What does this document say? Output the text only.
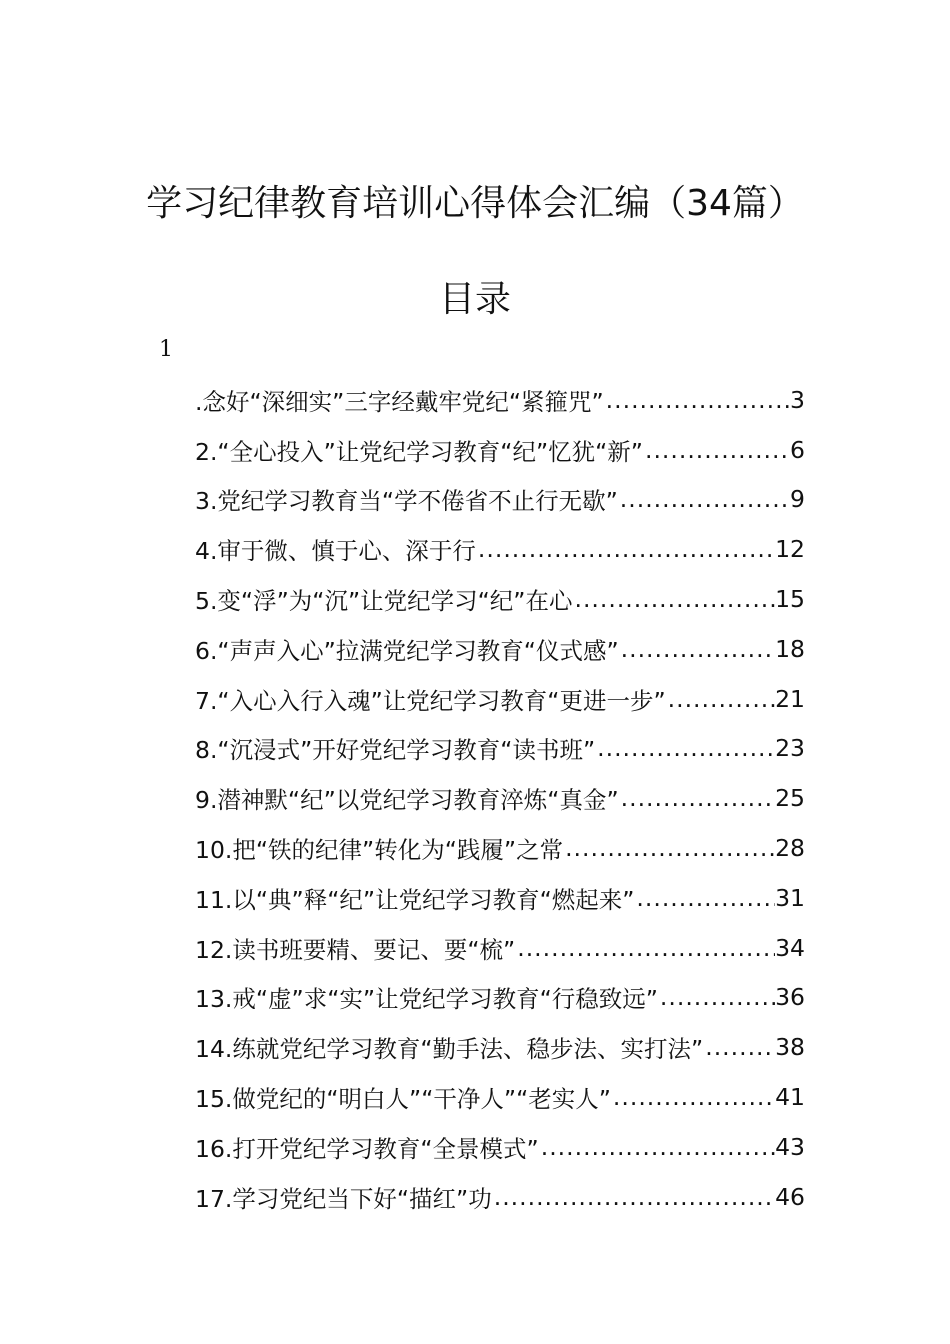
学习纪律教育培训心得体会汇编（34篇）
目录
1
.念好“深细实”三字经戴牢党纪“紧箍咒” .....	3
2.“全心投入”让党纪学习教育“纪”忆犹“新” .....	6
3.党纪学习教育当“学不倦省不止行无歇” .....	9
4.审于微、慎于心、深于行 .....	12
5.变“浮”为“沉”让党纪学习“纪”在心 .....	15
6.“声声入心”拉满党纪学习教育“仪式感” .....	18
7.“入心入行入魂”让党纪学习教育“更进一步” .....	21
8.“沉浸式”开好党纪学习教育“读书班” .....	23
9.潜神默“纪”以党纪学习教育淬炼“真金” .....	25
10.把“铁的纪律”转化为“践履”之常 .....	28
11.以“典”释“纪”让党纪学习教育“燃起来” .....	31
12.读书班要精、要记、要“梳” .....	34
13.戒“虚”求“实”让党纪学习教育“行稳致远” .....	36
14.练就党纪学习教育“勤手法、稳步法、实打法” .....	38
15.做党纪的“明白人”“干净人”“老实人” .....	41
16.打开党纪学习教育“全景模式” .....	43
17.学习党纪当下好“描红”功 .....	46
